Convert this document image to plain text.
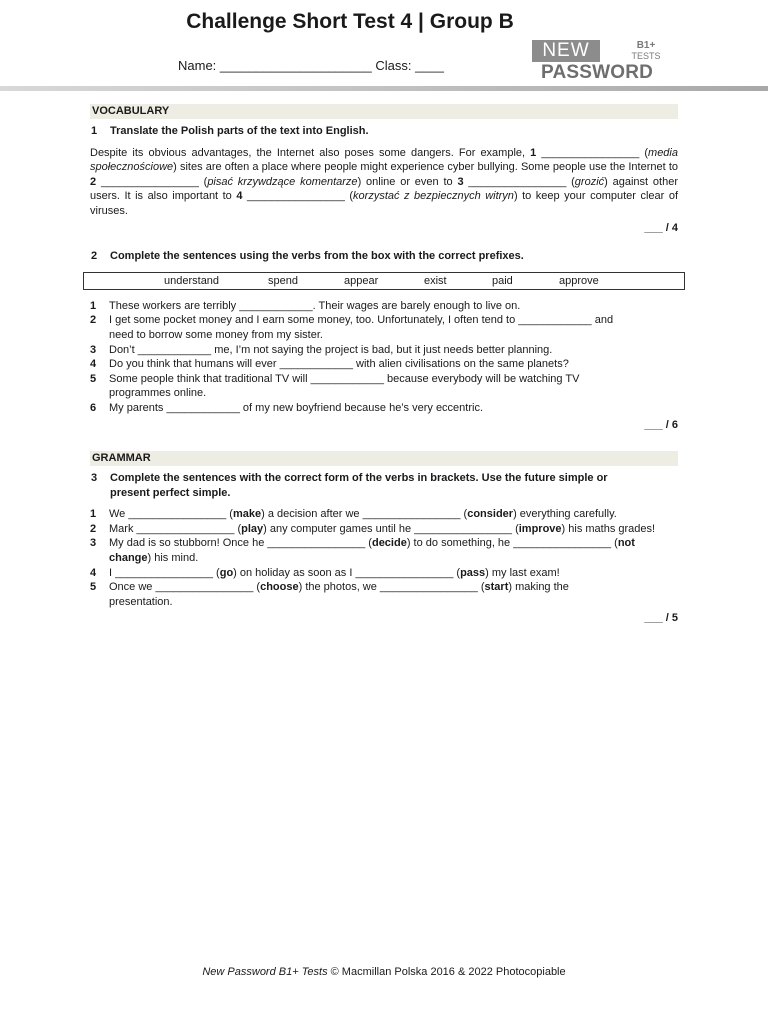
Challenge Short Test 4 | Group B
Name: _____________________ Class: ____
NEW	B1+
TESTS
PASSWORD
VOCABULARY
1	Translate the Polish parts of the text into English.
Despite its obvious advantages, the Internet also poses some dangers. For example, 1 ________________ (media społecznościowe) sites are often a place where people might experience cyber bullying. Some people use the Internet to 2 ________________ (pisać krzywdzące komentarze) online or even to 3 ________________ (grozić) against other users. It is also important to 4 ________________ (korzystać z bezpiecznych witryn) to keep your computer clear of viruses.
___ / 4
2	Complete the sentences using the verbs from the box with the correct prefixes.
understand	spend	appear	exist	paid	approve
1	These workers are terribly ____________. Their wages are barely enough to live on.
2	I get some pocket money and I earn some money, too. Unfortunately, I often tend to ____________ and need to borrow some money from my sister.
3	Don’t ____________ me, I’m not saying the project is bad, but it just needs better planning.
4	Do you think that humans will ever ____________ with alien civilisations on the same planets?
5	Some people think that traditional TV will ____________ because everybody will be watching TV programmes online.
6	My parents ____________ of my new boyfriend because he’s very eccentric.
___ / 6
GRAMMAR
3	Complete the sentences with the correct form of the verbs in brackets. Use the future simple or present perfect simple.
1	We ________________ (make) a decision after we ________________ (consider) everything carefully.
2	Mark ________________ (play) any computer games until he ________________ (improve) his maths grades!
3	My dad is so stubborn! Once he ________________ (decide) to do something, he ________________ (not change) his mind.
4	I ________________ (go) on holiday as soon as I ________________ (pass) my last exam!
5	Once we ________________ (choose) the photos, we ________________ (start) making the presentation.
___ / 5
New Password B1+ Tests © Macmillan Polska 2016 & 2022 Photocopiable
